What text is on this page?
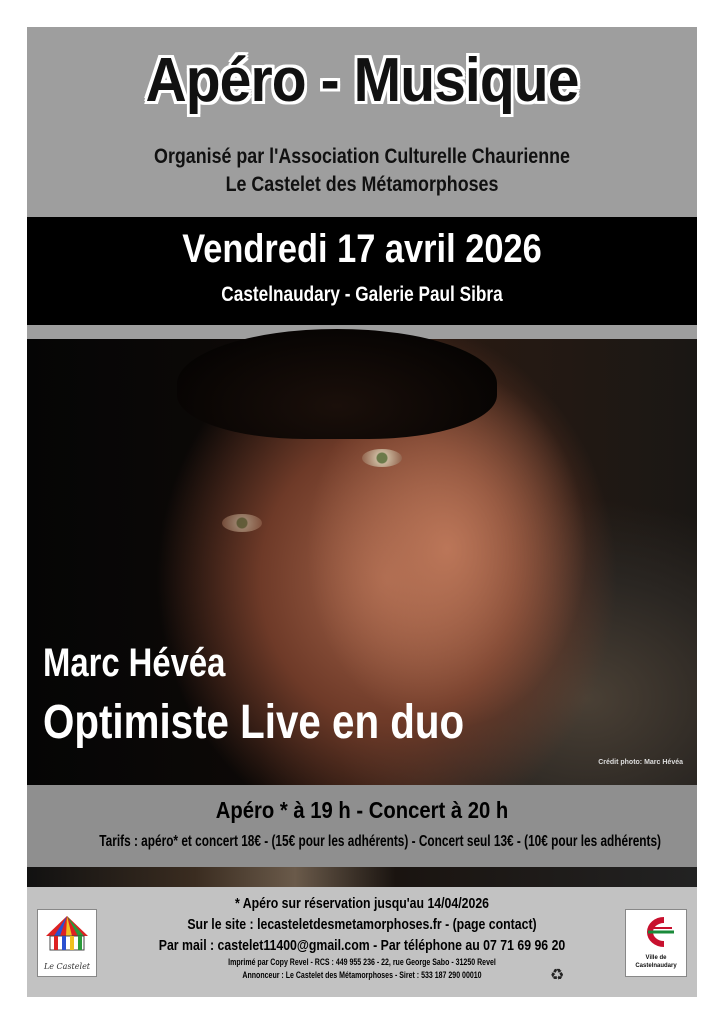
Apéro - Musique
Organisé par l'Association Culturelle Chaurienne
Le Castelet des Métamorphoses
Vendredi 17 avril 2026
Castelnaudary - Galerie Paul Sibra
Marc Hévéa
Optimiste Live en duo
Crédit photo: Marc Hévéa
Apéro * à 19 h - Concert à 20 h
Tarifs : apéro* et concert 18€ - (15€ pour les adhérents) - Concert seul 13€ - (10€ pour les adhérents)
Le Castelet
* Apéro sur réservation jusqu'au 14/04/2026
Sur le site : lecasteletdesmetamorphoses.fr - (page contact)
Par mail : castelet11400@gmail.com - Par téléphone au 07 71 69 96 20
Imprimé par Copy Revel - RCS : 449 955 236 - 22, rue George Sabo - 31250 Revel
Annonceur : Le Castelet des Métamorphoses - Siret : 533 187 290 00010	♻
Ville de
Castelnaudary
